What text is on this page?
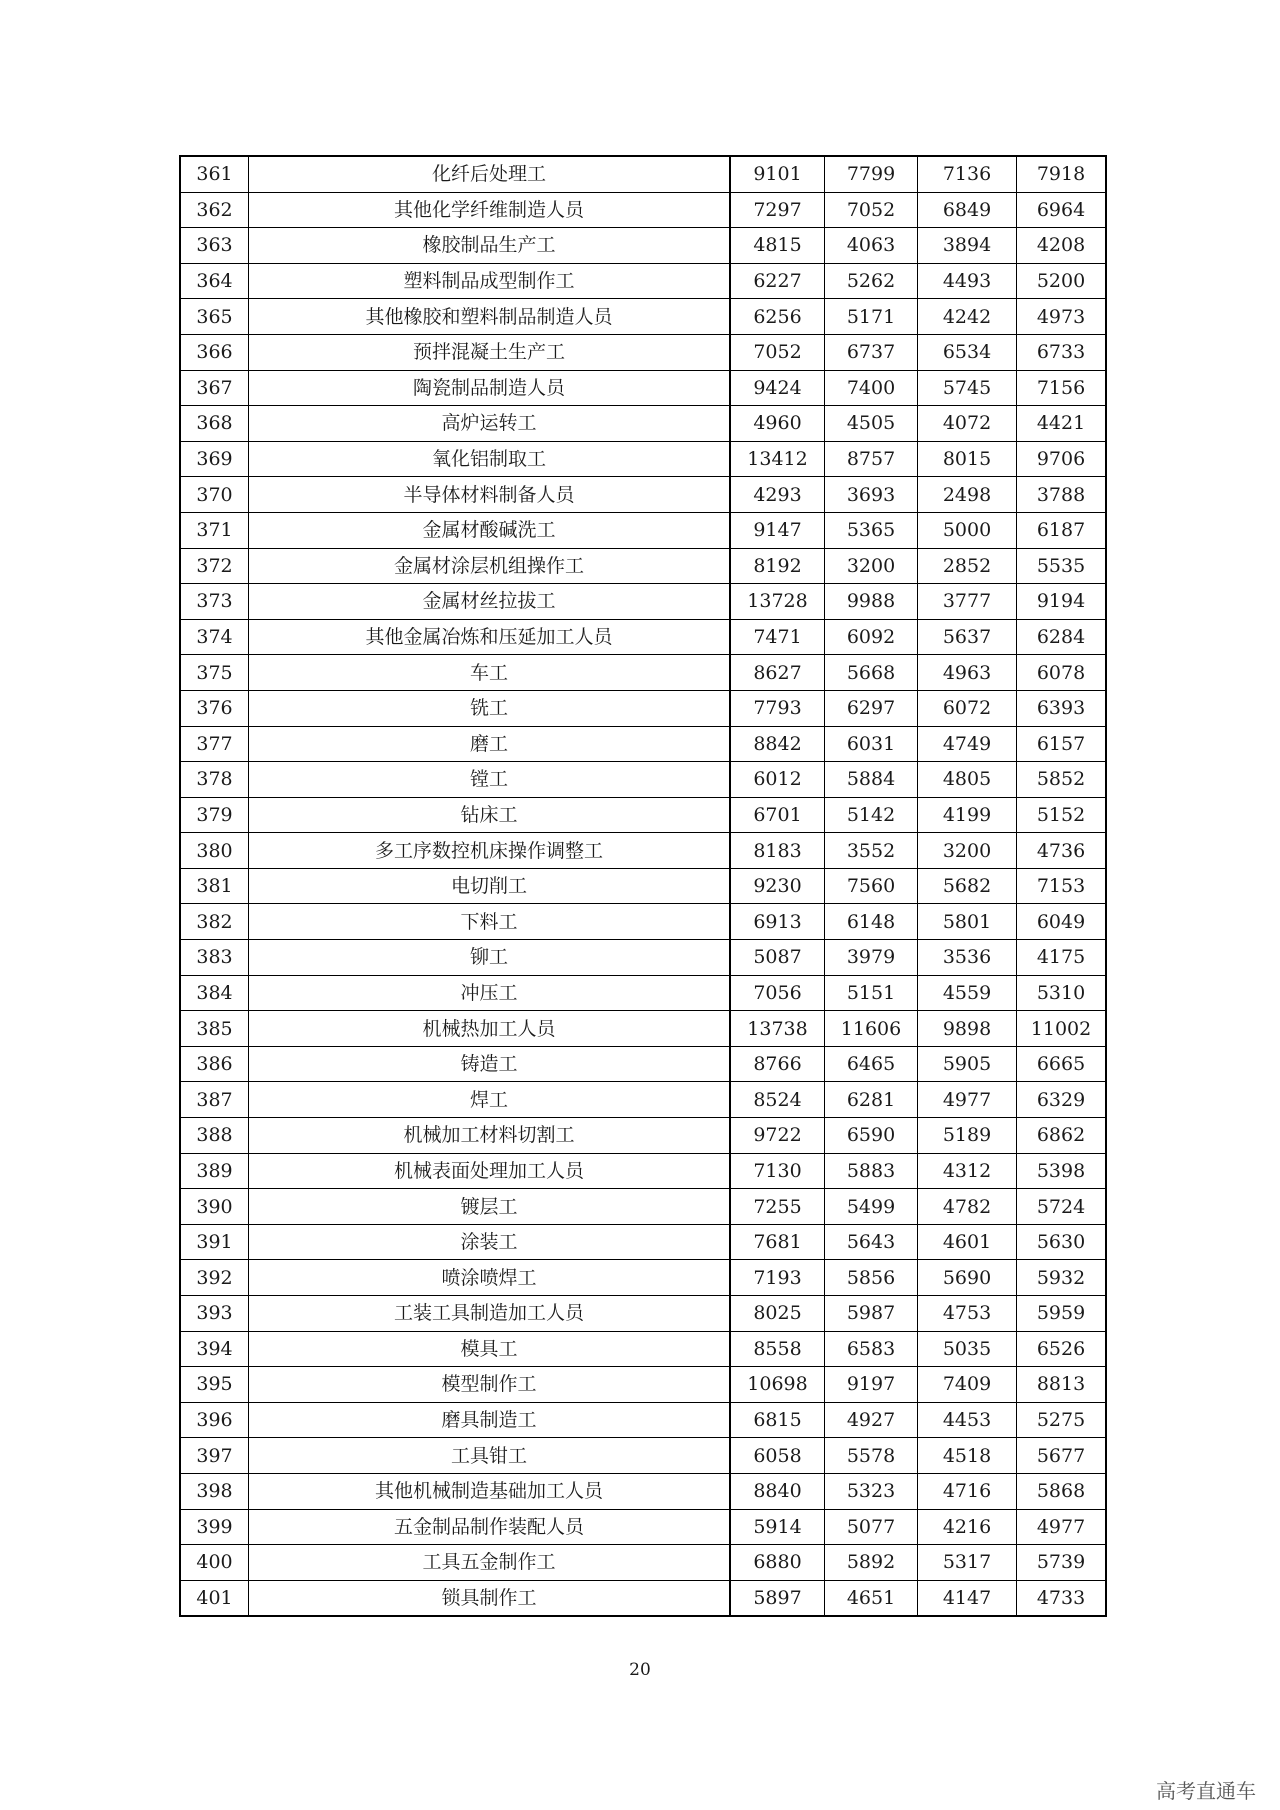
361	化纤后处理工	9101	7799	7136	7918
362	其他化学纤维制造人员	7297	7052	6849	6964
363	橡胶制品生产工	4815	4063	3894	4208
364	塑料制品成型制作工	6227	5262	4493	5200
365	其他橡胶和塑料制品制造人员	6256	5171	4242	4973
366	预拌混凝土生产工	7052	6737	6534	6733
367	陶瓷制品制造人员	9424	7400	5745	7156
368	高炉运转工	4960	4505	4072	4421
369	氧化铝制取工	13412	8757	8015	9706
370	半导体材料制备人员	4293	3693	2498	3788
371	金属材酸碱洗工	9147	5365	5000	6187
372	金属材涂层机组操作工	8192	3200	2852	5535
373	金属材丝拉拔工	13728	9988	3777	9194
374	其他金属冶炼和压延加工人员	7471	6092	5637	6284
375	车工	8627	5668	4963	6078
376	铣工	7793	6297	6072	6393
377	磨工	8842	6031	4749	6157
378	镗工	6012	5884	4805	5852
379	钻床工	6701	5142	4199	5152
380	多工序数控机床操作调整工	8183	3552	3200	4736
381	电切削工	9230	7560	5682	7153
382	下料工	6913	6148	5801	6049
383	铆工	5087	3979	3536	4175
384	冲压工	7056	5151	4559	5310
385	机械热加工人员	13738	11606	9898	11002
386	铸造工	8766	6465	5905	6665
387	焊工	8524	6281	4977	6329
388	机械加工材料切割工	9722	6590	5189	6862
389	机械表面处理加工人员	7130	5883	4312	5398
390	镀层工	7255	5499	4782	5724
391	涂装工	7681	5643	4601	5630
392	喷涂喷焊工	7193	5856	5690	5932
393	工装工具制造加工人员	8025	5987	4753	5959
394	模具工	8558	6583	5035	6526
395	模型制作工	10698	9197	7409	8813
396	磨具制造工	6815	4927	4453	5275
397	工具钳工	6058	5578	4518	5677
398	其他机械制造基础加工人员	8840	5323	4716	5868
399	五金制品制作装配人员	5914	5077	4216	4977
400	工具五金制作工	6880	5892	5317	5739
401	锁具制作工	5897	4651	4147	4733
20
高考直通车
